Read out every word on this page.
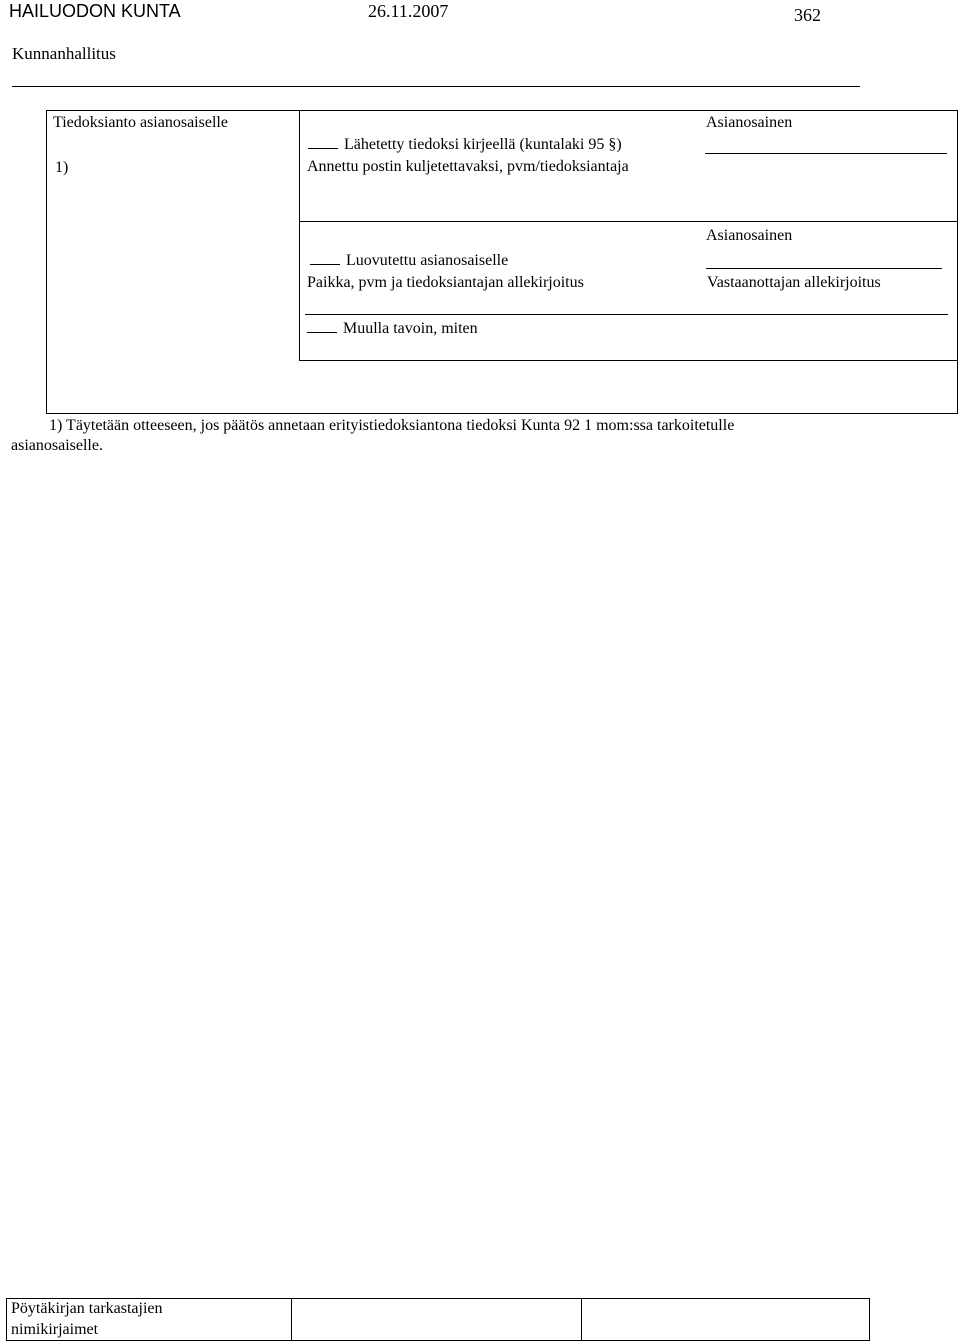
HAILUODON KUNTA	26.11.2007	362
Kunnanhallitus
Tiedoksianto asianosaiselle
1)
Asianosainen
Lähetetty tiedoksi kirjeellä (kuntalaki 95 §)
Annettu postin kuljetettavaksi, pvm/tiedoksiantaja
Asianosainen
Luovutettu asianosaiselle
Paikka, pvm ja tiedoksiantajan allekirjoitus	Vastaanottajan allekirjoitus
Muulla tavoin, miten
1) Täytetään otteeseen, jos päätös annetaan erityistiedoksiantona tiedoksi Kunta 92 1 mom:ssa tarkoitetulle
asianosaiselle.
Pöytäkirjan tarkastajien
nimikirjaimet
